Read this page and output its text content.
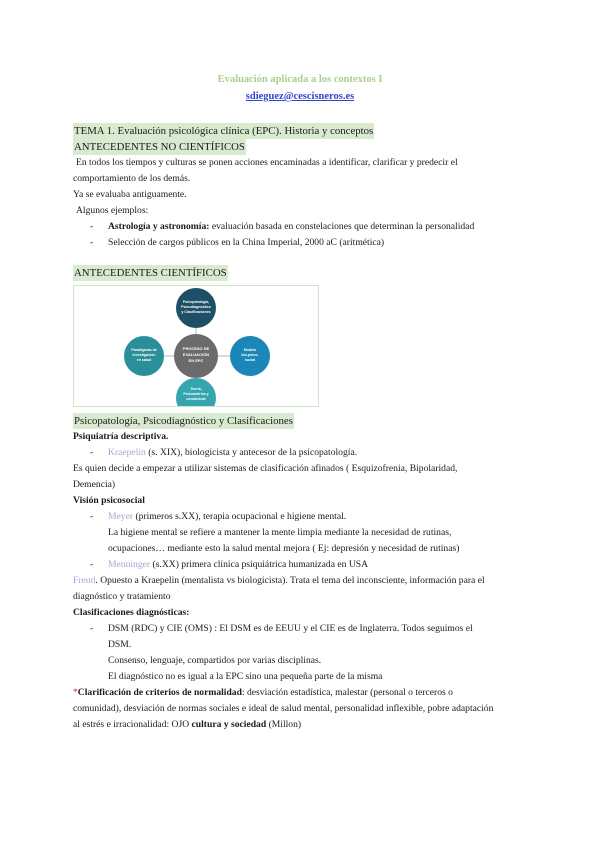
Evaluación aplicada a los contextos I
sdieguez@cescisneros.es
TEMA 1. Evaluación psicológica clínica (EPC). Historia y conceptos
ANTECEDENTES NO CIENTÍFICOS
En todos los tiempos y culturas se ponen acciones encaminadas a identificar, clarificar y predecir el
comportamiento de los demás.
Ya se evaluaba antiguamente.
Algunos ejemplos:
- Astrología y astronomía: evaluación basada en constelaciones que determinan la personalidad
- Selección de cargos públicos en la China Imperial, 2000 aC (aritmética)
ANTECEDENTES CIENTÍFICOS
Psicopatología,
Psicodiagnóstico
y Clasificaciones
Paradigmas de
Investigación
en salud
PROCESO DE
EVALUACIÓN
EN EPC
Modelo
bio-psico-
social
Teoría,
Psicométrica y
conductual
Psicopatología, Psicodiagnóstico y Clasificaciones
Psiquiatría descriptiva.
- Kraepelin (s. XIX), biologicista y antecesor de la psicopatología.
Es quien decide a empezar a utilizar sistemas de clasificación afinados ( Esquizofrenia, Bipolaridad,
Demencia)
Visión psicosocial
- Meyer (primeros s.XX), terapia ocupacional e higiene mental.
La higiene mental se refiere a mantener la mente limpia mediante la necesidad de rutinas,
ocupaciones… mediante esto la salud mental mejora ( Ej: depresión y necesidad de rutinas)
- Menninger (s.XX) primera clínica psiquiátrica humanizada en USA
Freud. Opuesto a Kraepelin (mentalista vs biologicista). Trata el tema del inconsciente, información para el
diagnóstico y tratamiento
Clasificaciones diagnósticas:
- DSM (RDC) y CIE (OMS) : El DSM es de EEUU y el CIE es de Inglaterra. Todos seguimos el
DSM.
Consenso, lenguaje, compartidos por varias disciplinas.
El diagnóstico no es igual a la EPC sino una pequeña parte de la misma
*Clarificación de criterios de normalidad: desviación estadística, malestar (personal o terceros o
comunidad), desviación de normas sociales e ideal de salud mental, personalidad inflexible, pobre adaptación
al estrés e irracionalidad: OJO cultura y sociedad (Millon)
